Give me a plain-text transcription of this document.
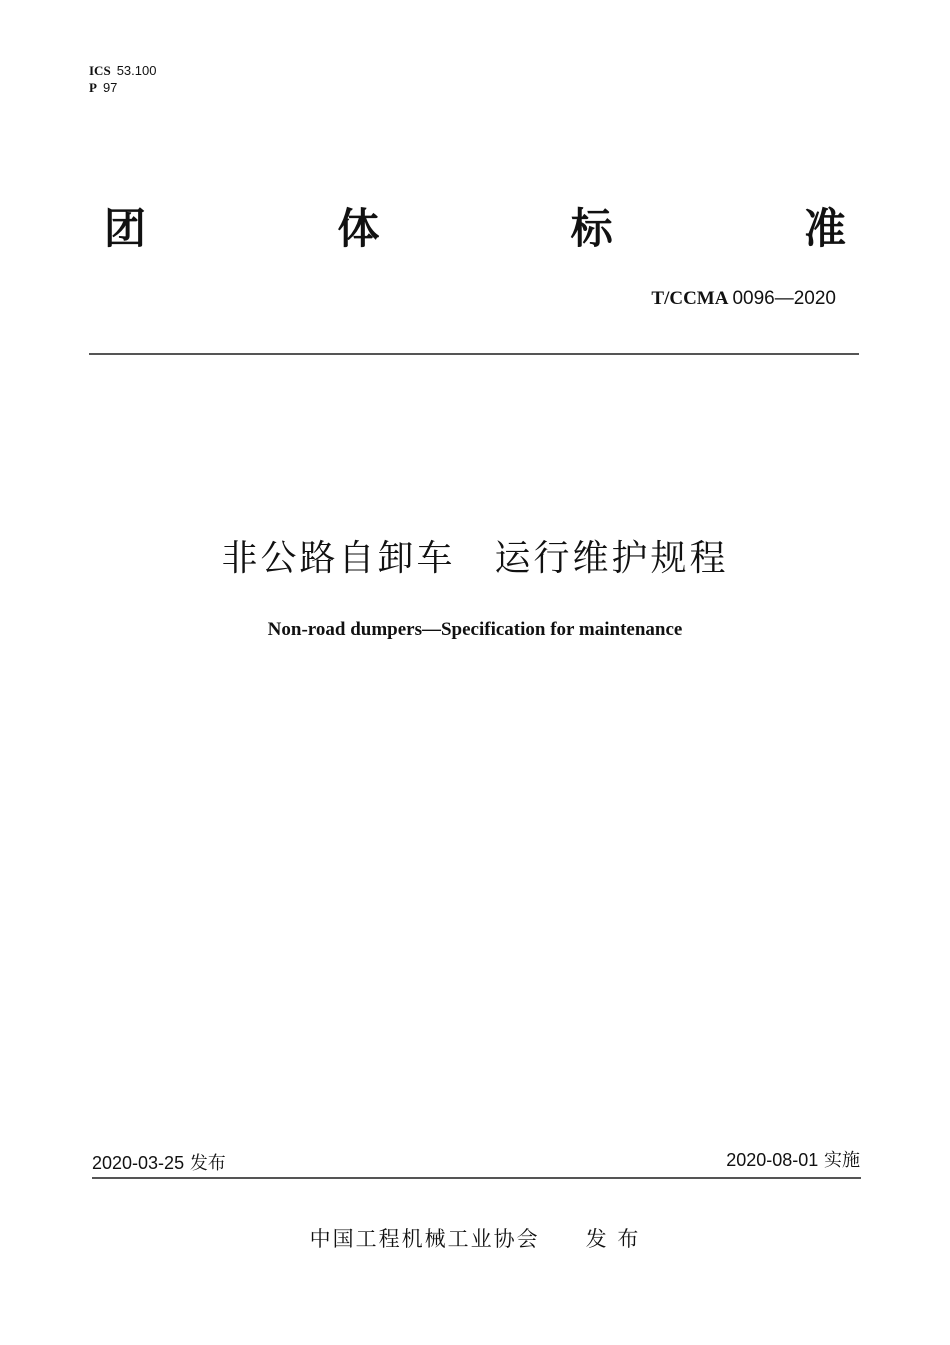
ICS 53.100
P 97
团	体	标	准
T/CCMA 0096—2020
非公路自卸车　运行维护规程
Non-road dumpers—Specification for maintenance
2020-03-25 发布	2020-08-01 实施
中国工程机械工业协会 发 布
